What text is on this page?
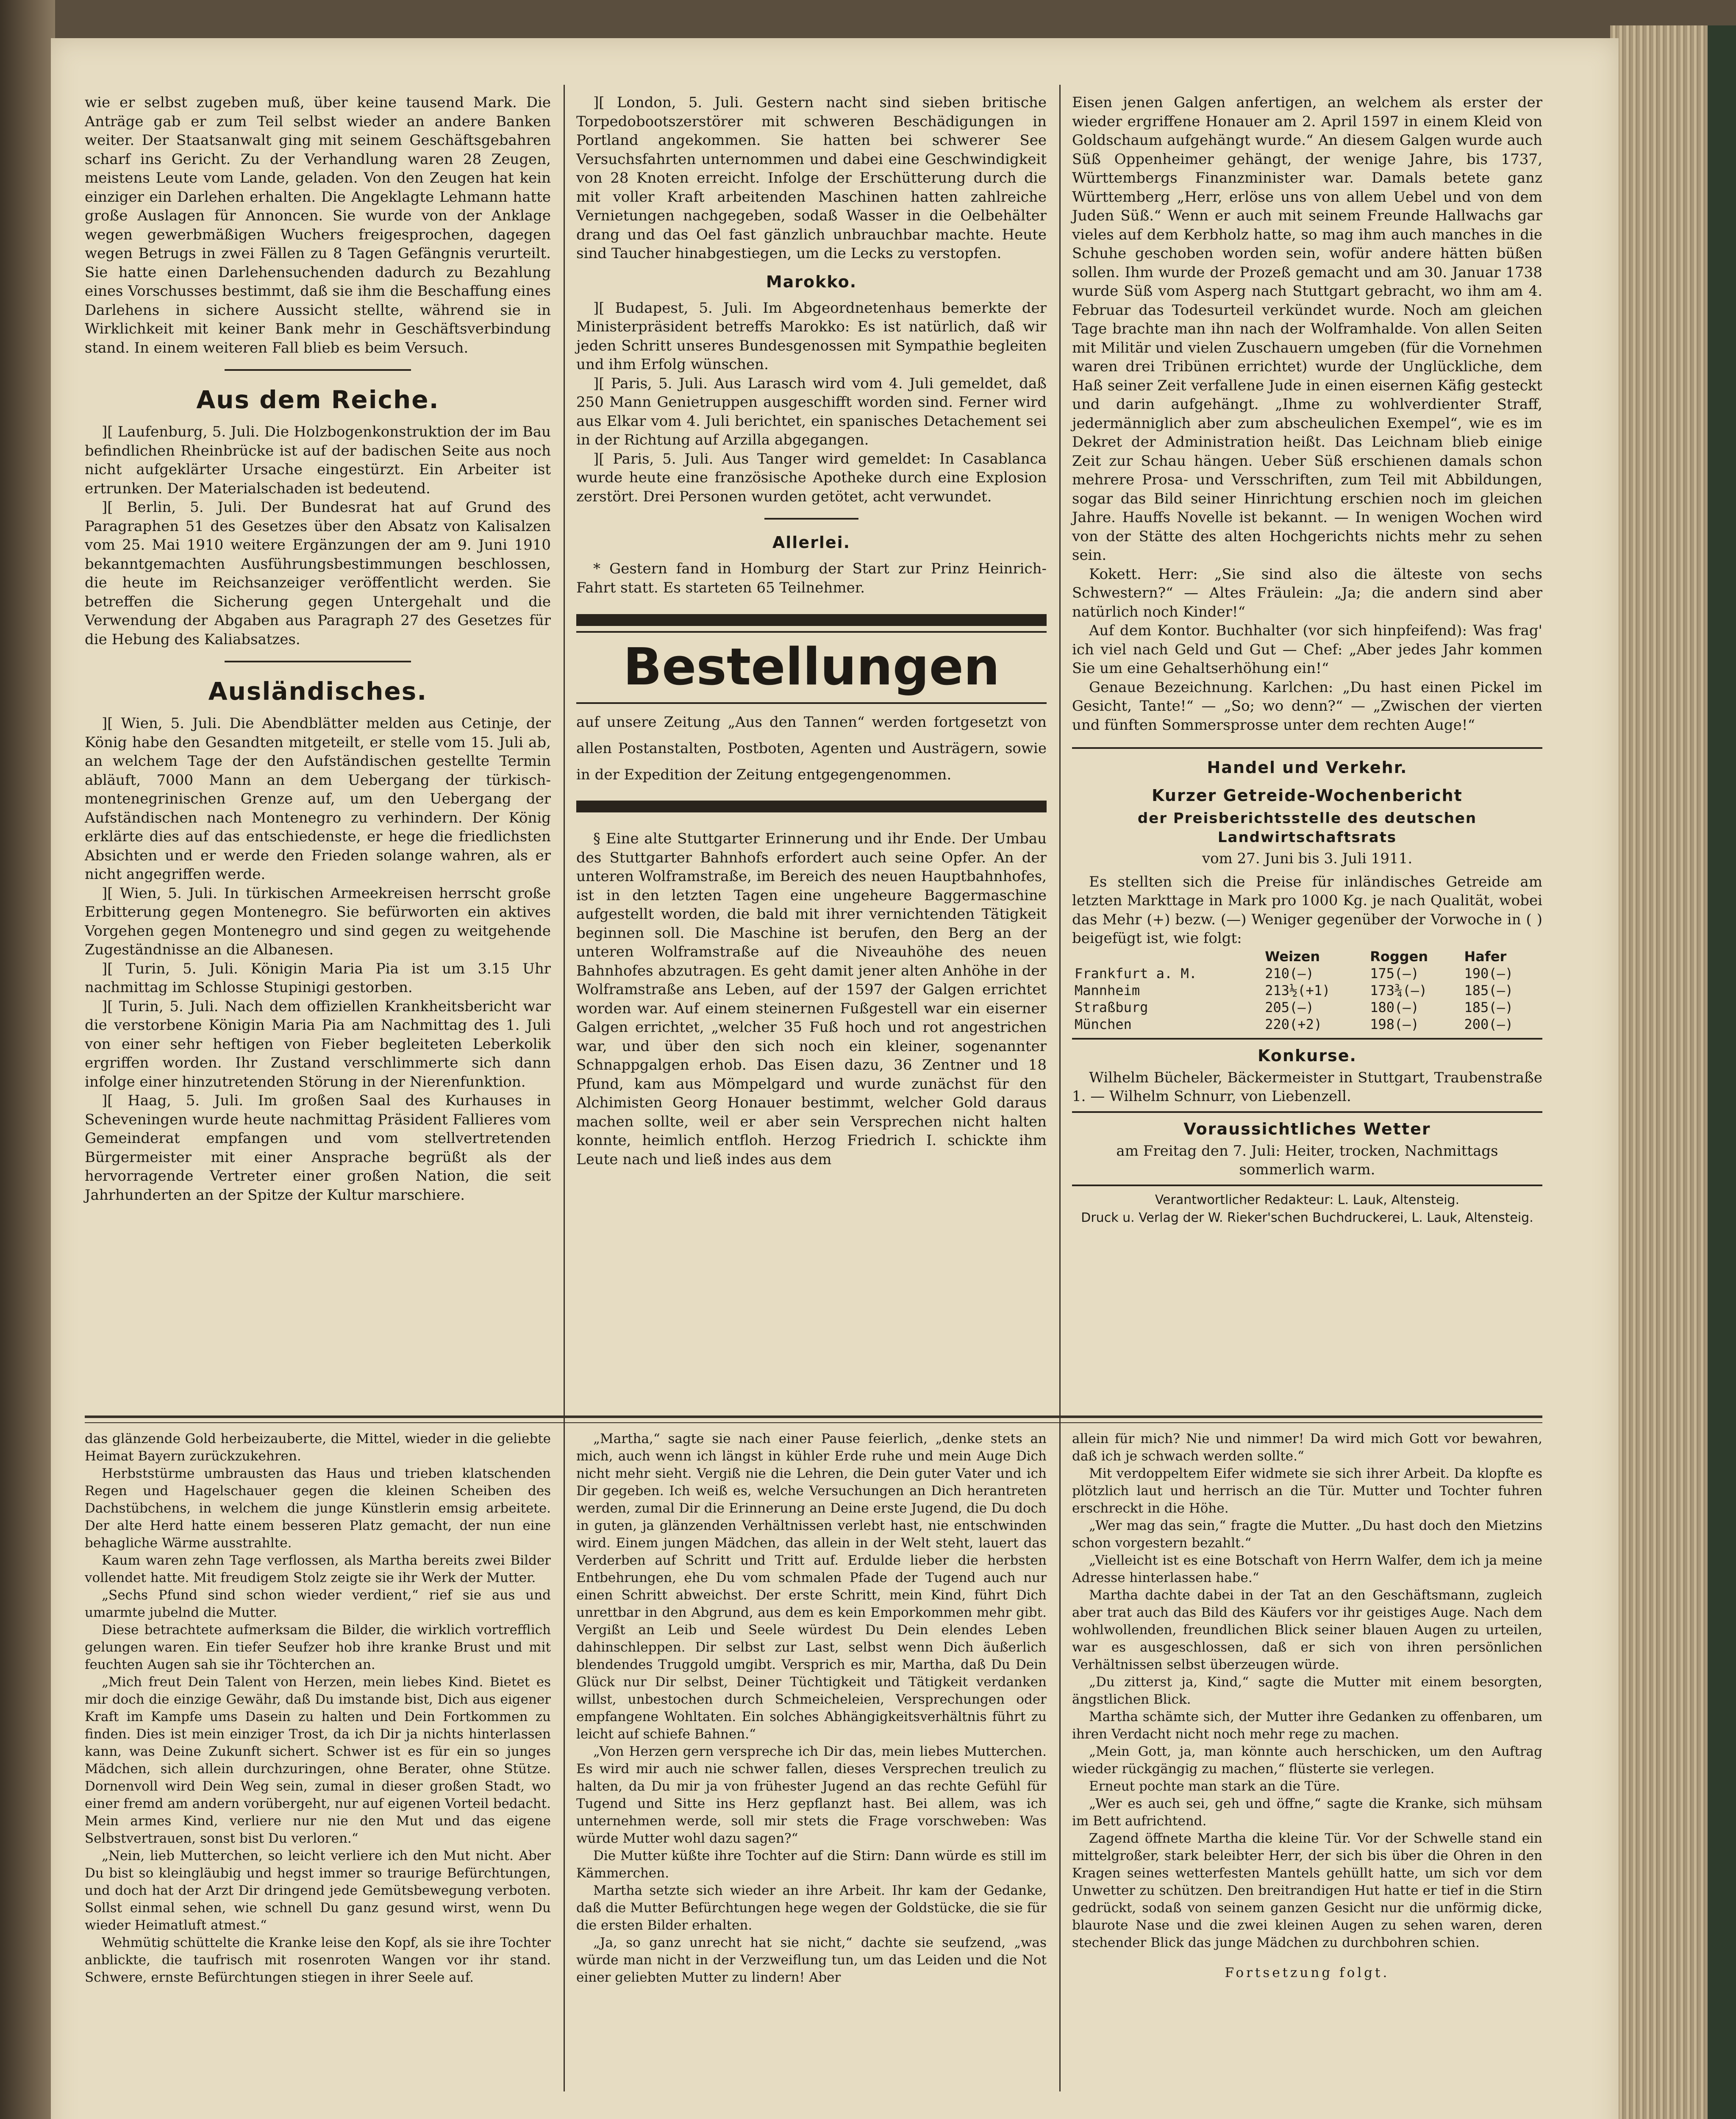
wie er selbst zugeben muß, über keine tausend Mark. Die Anträge gab er zum Teil selbst wieder an andere Banken weiter. Der Staatsanwalt ging mit seinem Geschäftsgebahren scharf ins Gericht. Zu der Verhandlung waren 28 Zeugen, meistens Leute vom Lande, geladen. Von den Zeugen hat kein einziger ein Darlehen erhalten. Die Angeklagte Lehmann hatte große Auslagen für Annoncen. Sie wurde von der Anklage wegen gewerbmäßigen Wuchers freigesprochen, dagegen wegen Betrugs in zwei Fällen zu 8 Tagen Gefängnis verurteilt. Sie hatte einen Darlehensuchenden dadurch zu Bezahlung eines Vorschusses bestimmt, daß sie ihm die Beschaffung eines Darlehens in sichere Aussicht stellte, während sie in Wirklichkeit mit keiner Bank mehr in Geschäftsverbindung stand. In einem weiteren Fall blieb es beim Versuch.

Aus dem Reiche.

][ Laufenburg, 5. Juli. Die Holzbogenkonstruktion der im Bau befindlichen Rheinbrücke ist auf der badischen Seite aus noch nicht aufgeklärter Ursache eingestürzt. Ein Arbeiter ist ertrunken. Der Materialschaden ist bedeutend.

][ Berlin, 5. Juli. Der Bundesrat hat auf Grund des Paragraphen 51 des Gesetzes über den Absatz von Kalisalzen vom 25. Mai 1910 weitere Ergänzungen der am 9. Juni 1910 bekanntgemachten Ausführungsbestimmungen beschlossen, die heute im Reichsanzeiger veröffentlicht werden. Sie betreffen die Sicherung gegen Untergehalt und die Verwendung der Abgaben aus Paragraph 27 des Gesetzes für die Hebung des Kaliabsatzes.

Ausländisches.

][ Wien, 5. Juli. Die Abendblätter melden aus Cetinje, der König habe den Gesandten mitgeteilt, er stelle vom 15. Juli ab, an welchem Tage der den Aufständischen gestellte Termin abläuft, 7000 Mann an dem Uebergang der türkisch-montenegrinischen Grenze auf, um den Uebergang der Aufständischen nach Montenegro zu verhindern. Der König erklärte dies auf das entschiedenste, er hege die friedlichsten Absichten und er werde den Frieden solange wahren, als er nicht angegriffen werde.

][ Wien, 5. Juli. In türkischen Armeekreisen herrscht große Erbitterung gegen Montenegro. Sie befürworten ein aktives Vorgehen gegen Montenegro und sind gegen zu weitgehende Zugeständnisse an die Albanesen.

][ Turin, 5. Juli. Königin Maria Pia ist um 3.15 Uhr nachmittag im Schlosse Stupinigi gestorben.

][ Turin, 5. Juli. Nach dem offiziellen Krankheitsbericht war die verstorbene Königin Maria Pia am Nachmittag des 1. Juli von einer sehr heftigen von Fieber begleiteten Leberkolik ergriffen worden. Ihr Zustand verschlimmerte sich dann infolge einer hinzutretenden Störung in der Nierenfunktion.

][ Haag, 5. Juli. Im großen Saal des Kurhauses in Scheveningen wurde heute nachmittag Präsident Fallieres vom Gemeinderat empfangen und vom stellvertretenden Bürgermeister mit einer Ansprache begrüßt als der hervorragende Vertreter einer großen Nation, die seit Jahrhunderten an der Spitze der Kultur marschiere.

][ London, 5. Juli. Gestern nacht sind sieben britische Torpedobootszerstörer mit schweren Beschädigungen in Portland angekommen. Sie hatten bei schwerer See Versuchsfahrten unternommen und dabei eine Geschwindigkeit von 28 Knoten erreicht. Infolge der Erschütterung durch die mit voller Kraft arbeitenden Maschinen hatten zahlreiche Vernietungen nachgegeben, sodaß Wasser in die Oelbehälter drang und das Oel fast gänzlich unbrauchbar machte. Heute sind Taucher hinabgestiegen, um die Lecks zu verstopfen.

Marokko.

][ Budapest, 5. Juli. Im Abgeordnetenhaus bemerkte der Ministerpräsident betreffs Marokko: Es ist natürlich, daß wir jeden Schritt unseres Bundesgenossen mit Sympathie begleiten und ihm Erfolg wünschen.

][ Paris, 5. Juli. Aus Larasch wird vom 4. Juli gemeldet, daß 250 Mann Genietruppen ausgeschifft worden sind. Ferner wird aus Elkar vom 4. Juli berichtet, ein spanisches Detachement sei in der Richtung auf Arzilla abgegangen.

][ Paris, 5. Juli. Aus Tanger wird gemeldet: In Casablanca wurde heute eine französische Apotheke durch eine Explosion zerstört. Drei Personen wurden getötet, acht verwundet.

Allerlei.

* Gestern fand in Homburg der Start zur Prinz Heinrich-Fahrt statt. Es starteten 65 Teilnehmer.

Bestellungen

auf unsere Zeitung „Aus den Tannen“ werden fortgesetzt von allen Postanstalten, Postboten, Agenten und Austrägern, sowie in der Expedition der Zeitung entgegengenommen.

§ Eine alte Stuttgarter Erinnerung und ihr Ende. Der Umbau des Stuttgarter Bahnhofs erfordert auch seine Opfer. An der unteren Wolframstraße, im Bereich des neuen Hauptbahnhofes, ist in den letzten Tagen eine ungeheure Baggermaschine aufgestellt worden, die bald mit ihrer vernichtenden Tätigkeit beginnen soll. Die Maschine ist berufen, den Berg an der unteren Wolframstraße auf die Niveauhöhe des neuen Bahnhofes abzutragen. Es geht damit jener alten Anhöhe in der Wolframstraße ans Leben, auf der 1597 der Galgen errichtet worden war. Auf einem steinernen Fußgestell war ein eiserner Galgen errichtet, „welcher 35 Fuß hoch und rot angestrichen war, und über den sich noch ein kleiner, sogenannter Schnappgalgen erhob. Das Eisen dazu, 36 Zentner und 18 Pfund, kam aus Mömpelgard und wurde zunächst für den Alchimisten Georg Honauer bestimmt, welcher Gold daraus machen sollte, weil er aber sein Versprechen nicht halten konnte, heimlich entfloh. Herzog Friedrich I. schickte ihm Leute nach und ließ indes aus dem

Eisen jenen Galgen anfertigen, an welchem als erster der wieder ergriffene Honauer am 2. April 1597 in einem Kleid von Goldschaum aufgehängt wurde.“ An diesem Galgen wurde auch Süß Oppenheimer gehängt, der wenige Jahre, bis 1737, Württembergs Finanzminister war. Damals betete ganz Württemberg „Herr, erlöse uns von allem Uebel und von dem Juden Süß.“ Wenn er auch mit seinem Freunde Hallwachs gar vieles auf dem Kerbholz hatte, so mag ihm auch manches in die Schuhe geschoben worden sein, wofür andere hätten büßen sollen. Ihm wurde der Prozeß gemacht und am 30. Januar 1738 wurde Süß vom Asperg nach Stuttgart gebracht, wo ihm am 4. Februar das Todesurteil verkündet wurde. Noch am gleichen Tage brachte man ihn nach der Wolframhalde. Von allen Seiten mit Militär und vielen Zuschauern umgeben (für die Vornehmen waren drei Tribünen errichtet) wurde der Unglückliche, dem Haß seiner Zeit verfallene Jude in einen eisernen Käfig gesteckt und darin aufgehängt. „Ihme zu wohlverdienter Straff, jedermänniglich aber zum abscheulichen Exempel“, wie es im Dekret der Administration heißt. Das Leichnam blieb einige Zeit zur Schau hängen. Ueber Süß erschienen damals schon mehrere Prosa- und Versschriften, zum Teil mit Abbildungen, sogar das Bild seiner Hinrichtung erschien noch im gleichen Jahre. Hauffs Novelle ist bekannt. — In wenigen Wochen wird von der Stätte des alten Hochgerichts nichts mehr zu sehen sein.

Kokett. Herr: „Sie sind also die älteste von sechs Schwestern?“ — Altes Fräulein: „Ja; die andern sind aber natürlich noch Kinder!“

Auf dem Kontor. Buchhalter (vor sich hinpfeifend): Was frag' ich viel nach Geld und Gut — Chef: „Aber jedes Jahr kommen Sie um eine Gehaltserhöhung ein!“

Genaue Bezeichnung. Karlchen: „Du hast einen Pickel im Gesicht, Tante!“ — „So; wo denn?“ — „Zwischen der vierten und fünften Sommersprosse unter dem rechten Auge!“

Handel und Verkehr.
Kurzer Getreide-Wochenbericht
der Preisberichtsstelle des deutschen Landwirtschaftsrats
vom 27. Juni bis 3. Juli 1911.

Es stellten sich die Preise für inländisches Getreide am letzten Markttage in Mark pro 1000 Kg. je nach Qualität, wobei das Mehr (+) bezw. (—) Weniger gegenüber der Vorwoche in ( ) beigefügt ist, wie folgt:

	Weizen	Roggen	Hafer
Frankfurt a. M.	210(—)	175(—)	190(—)
Mannheim	213½(+1)	173¾(—)	185(—)
Straßburg	205(—)	180(—)	185(—)
München	220(+2)	198(—)	200(—)
Konkurse.

Wilhelm Bücheler, Bäckermeister in Stuttgart, Traubenstraße 1. — Wilhelm Schnurr, von Liebenzell.

Voraussichtliches Wetter

am Freitag den 7. Juli: Heiter, trocken, Nachmittags sommerlich warm.

Verantwortlicher Redakteur: L. Lauk, Altensteig.
Druck u. Verlag der W. Rieker'schen Buchdruckerei, L. Lauk, Altensteig.

das glänzende Gold herbeizauberte, die Mittel, wieder in die geliebte Heimat Bayern zurückzukehren.

Herbststürme umbrausten das Haus und trieben klatschenden Regen und Hagelschauer gegen die kleinen Scheiben des Dachstübchens, in welchem die junge Künstlerin emsig arbeitete. Der alte Herd hatte einem besseren Platz gemacht, der nun eine behagliche Wärme ausstrahlte.

Kaum waren zehn Tage verflossen, als Martha bereits zwei Bilder vollendet hatte. Mit freudigem Stolz zeigte sie ihr Werk der Mutter.

„Sechs Pfund sind schon wieder verdient,“ rief sie aus und umarmte jubelnd die Mutter.

Diese betrachtete aufmerksam die Bilder, die wirklich vortrefflich gelungen waren. Ein tiefer Seufzer hob ihre kranke Brust und mit feuchten Augen sah sie ihr Töchterchen an.

„Mich freut Dein Talent von Herzen, mein liebes Kind. Bietet es mir doch die einzige Gewähr, daß Du imstande bist, Dich aus eigener Kraft im Kampfe ums Dasein zu halten und Dein Fortkommen zu finden. Dies ist mein einziger Trost, da ich Dir ja nichts hinterlassen kann, was Deine Zukunft sichert. Schwer ist es für ein so junges Mädchen, sich allein durchzuringen, ohne Berater, ohne Stütze. Dornenvoll wird Dein Weg sein, zumal in dieser großen Stadt, wo einer fremd am andern vorübergeht, nur auf eigenen Vorteil bedacht. Mein armes Kind, verliere nur nie den Mut und das eigene Selbstvertrauen, sonst bist Du verloren.“

„Nein, lieb Mutterchen, so leicht verliere ich den Mut nicht. Aber Du bist so kleingläubig und hegst immer so traurige Befürchtungen, und doch hat der Arzt Dir dringend jede Gemütsbewegung verboten. Sollst einmal sehen, wie schnell Du ganz gesund wirst, wenn Du wieder Heimatluft atmest.“

Wehmütig schüttelte die Kranke leise den Kopf, als sie ihre Tochter anblickte, die taufrisch mit rosenroten Wangen vor ihr stand. Schwere, ernste Befürchtungen stiegen in ihrer Seele auf.

„Martha,“ sagte sie nach einer Pause feierlich, „denke stets an mich, auch wenn ich längst in kühler Erde ruhe und mein Auge Dich nicht mehr sieht. Vergiß nie die Lehren, die Dein guter Vater und ich Dir gegeben. Ich weiß es, welche Versuchungen an Dich herantreten werden, zumal Dir die Erinnerung an Deine erste Jugend, die Du doch in guten, ja glänzenden Verhältnissen verlebt hast, nie entschwinden wird. Einem jungen Mädchen, das allein in der Welt steht, lauert das Verderben auf Schritt und Tritt auf. Erdulde lieber die herbsten Entbehrungen, ehe Du vom schmalen Pfade der Tugend auch nur einen Schritt abweichst. Der erste Schritt, mein Kind, führt Dich unrettbar in den Abgrund, aus dem es kein Emporkommen mehr gibt. Vergißt an Leib und Seele würdest Du Dein elendes Leben dahinschleppen. Dir selbst zur Last, selbst wenn Dich äußerlich blendendes Truggold umgibt. Versprich es mir, Martha, daß Du Dein Glück nur Dir selbst, Deiner Tüchtigkeit und Tätigkeit verdanken willst, unbestochen durch Schmeicheleien, Versprechungen oder empfangene Wohltaten. Ein solches Abhängigkeitsverhältnis führt zu leicht auf schiefe Bahnen.“

„Von Herzen gern verspreche ich Dir das, mein liebes Mutterchen. Es wird mir auch nie schwer fallen, dieses Versprechen treulich zu halten, da Du mir ja von frühester Jugend an das rechte Gefühl für Tugend und Sitte ins Herz gepflanzt hast. Bei allem, was ich unternehmen werde, soll mir stets die Frage vorschweben: Was würde Mutter wohl dazu sagen?“

Die Mutter küßte ihre Tochter auf die Stirn: Dann würde es still im Kämmerchen.

Martha setzte sich wieder an ihre Arbeit. Ihr kam der Gedanke, daß die Mutter Befürchtungen hege wegen der Goldstücke, die sie für die ersten Bilder erhalten.

„Ja, so ganz unrecht hat sie nicht,“ dachte sie seufzend, „was würde man nicht in der Verzweiflung tun, um das Leiden und die Not einer geliebten Mutter zu lindern! Aber

allein für mich? Nie und nimmer! Da wird mich Gott vor bewahren, daß ich je schwach werden sollte.“

Mit verdoppeltem Eifer widmete sie sich ihrer Arbeit. Da klopfte es plötzlich laut und herrisch an die Tür. Mutter und Tochter fuhren erschreckt in die Höhe.

„Wer mag das sein,“ fragte die Mutter. „Du hast doch den Mietzins schon vorgestern bezahlt.“

„Vielleicht ist es eine Botschaft von Herrn Walfer, dem ich ja meine Adresse hinterlassen habe.“

Martha dachte dabei in der Tat an den Geschäftsmann, zugleich aber trat auch das Bild des Käufers vor ihr geistiges Auge. Nach dem wohlwollenden, freundlichen Blick seiner blauen Augen zu urteilen, war es ausgeschlossen, daß er sich von ihren persönlichen Verhältnissen selbst überzeugen würde.

„Du zitterst ja, Kind,“ sagte die Mutter mit einem besorgten, ängstlichen Blick.

Martha schämte sich, der Mutter ihre Gedanken zu offenbaren, um ihren Verdacht nicht noch mehr rege zu machen.

„Mein Gott, ja, man könnte auch herschicken, um den Auftrag wieder rückgängig zu machen,“ flüsterte sie verlegen.

Erneut pochte man stark an die Türe.

„Wer es auch sei, geh und öffne,“ sagte die Kranke, sich mühsam im Bett aufrichtend.

Zagend öffnete Martha die kleine Tür. Vor der Schwelle stand ein mittelgroßer, stark beleibter Herr, der sich bis über die Ohren in den Kragen seines wetterfesten Mantels gehüllt hatte, um sich vor dem Unwetter zu schützen. Den breitrandigen Hut hatte er tief in die Stirn gedrückt, sodaß von seinem ganzen Gesicht nur die unförmig dicke, blaurote Nase und die zwei kleinen Augen zu sehen waren, deren stechender Blick das junge Mädchen zu durchbohren schien.

Fortsetzung folgt.
